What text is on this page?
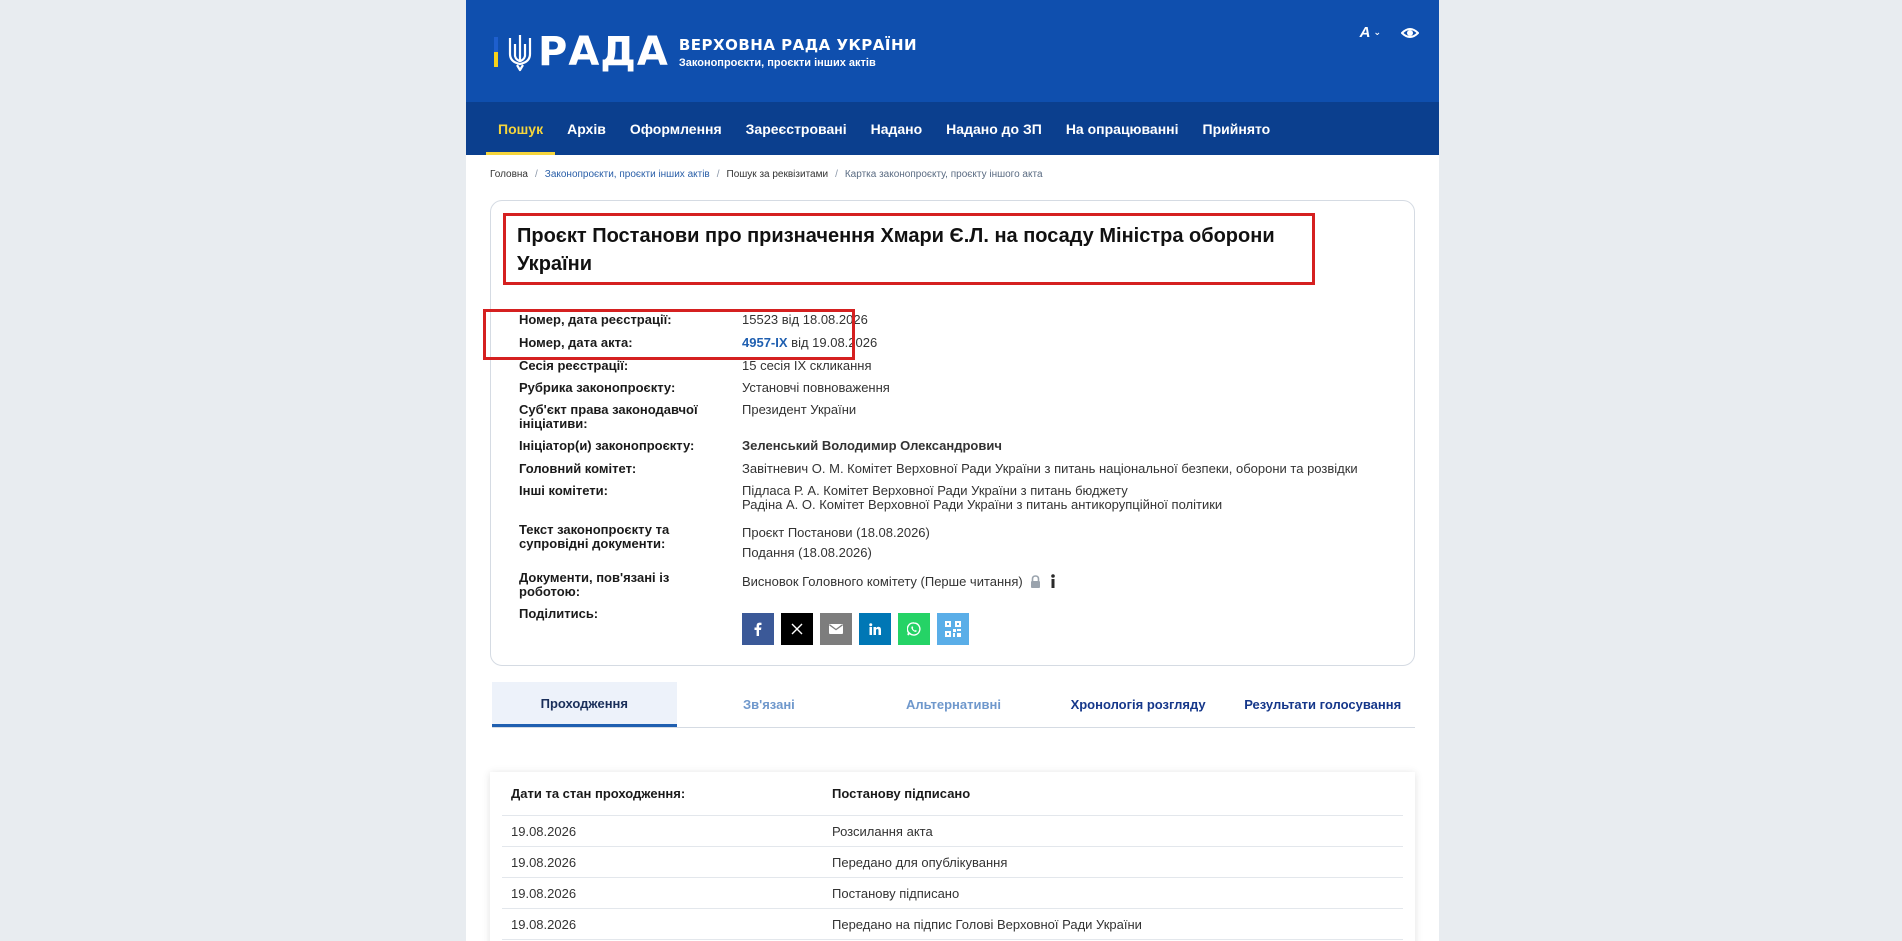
РАДА ВЕРХОВНА РАДА УКРАЇНИ
Законопроєкти, проєкти інших актів
A ⌄
Пошук	Архів	Оформлення	Зареєстровані	Надано	Надано до ЗП	На опрацюванні	Прийнято
Головна / Законопроєкти, проєкти інших актів / Пошук за реквізитами / Картка законопроєкту, проєкту іншого акта
Проєкт Постанови про призначення Хмари Є.Л. на посаду Міністра оборони України
Номер, дата реєстрації:	15523 від 18.08.2026
Номер, дата акта:	4957-IX від 19.08.2026
Сесія реєстрації:	15 сесія IX скликання
Рубрика законопроєкту:	Установчі повноваження
Суб'єкт права законодавчої ініціативи:
Президент України
Ініціатор(и) законопроєкту:	Зеленський Володимир Олександрович
Головний комітет:	Завітневич О. М. Комітет Верховної Ради України з питань національної безпеки, оборони та розвідки
Інші комітети:	Підласа Р. А. Комітет Верховної Ради України з питань бюджету
Радіна А. О. Комітет Верховної Ради України з питань антикорупційної політики
Текст законопроєкту та супровідні документи:
Проєкт Постанови (18.08.2026)
Подання (18.08.2026)
Документи, пов'язані із роботою:
Висновок Головного комітету (Перше читання)
Поділитись:
Проходження	Зв'язані	Альтернативні	Хронологія розгляду	Результати голосування
Дати та стан проходження:	Постанову підписано
19.08.2026	Розсилання акта
19.08.2026	Передано для опублікування
19.08.2026	Постанову підписано
19.08.2026	Передано на підпис Голові Верховної Ради України
